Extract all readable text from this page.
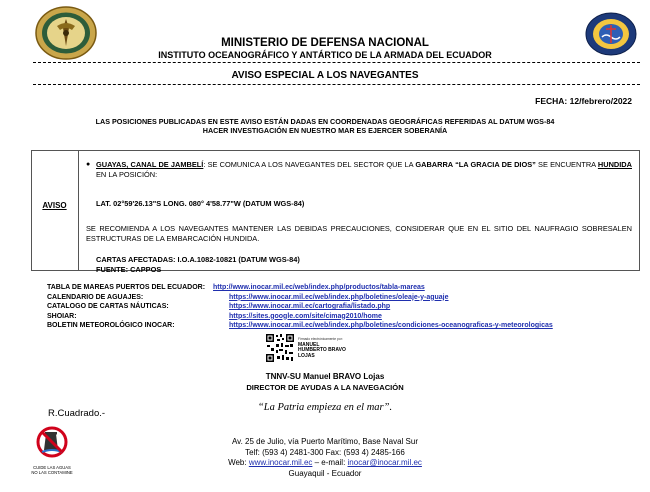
MINISTERIO DE DEFENSA NACIONAL
INSTITUTO OCEANOGRÁFICO Y ANTÁRTICO DE LA ARMADA DEL ECUADOR
AVISO ESPECIAL A LOS NAVEGANTES
FECHA: 12/febrero/2022
LAS POSICIONES PUBLICADAS EN ESTE AVISO ESTÁN DADAS EN COORDENADAS GEOGRÁFICAS REFERIDAS AL DATUM WGS-84
HACER INVESTIGACIÓN EN NUESTRO MAR ES EJERCER SOBERANÍA
AVISO
● GUAYAS, CANAL DE JAMBELÍ: SE COMUNICA A LOS NAVEGANTES DEL SECTOR QUE LA GABARRA “LA GRACIA DE DIOS” SE ENCUENTRA HUNDIDA EN LA POSICIÓN:
LAT. 02°59'26.13"S LONG. 080° 4'58.77"W (DATUM WGS-84)
SE RECOMIENDA A LOS NAVEGANTES MANTENER LAS DEBIDAS PRECAUCIONES, CONSIDERAR QUE EN EL SITIO DEL NAUFRAGIO SOBRESALEN ESTRUCTURAS DE LA EMBARCACIÓN HUNDIDA.
CARTAS AFECTADAS: I.O.A.1082-10821 (DATUM WGS-84)
FUENTE: CAPPOS
TABLA DE MAREAS PUERTOS DEL ECUADOR: http://www.inocar.mil.ec/web/index.php/productos/tabla-mareas
CALENDARIO DE AGUAJES:	https://www.inocar.mil.ec/web/index.php/boletines/oleaje-y-aguaje
CATALOGO DE CARTAS NÁUTICAS:	https://www.inocar.mil.ec/cartografia/listado.php
SHOIAR:	https://sites.google.com/site/cimag2010/home
BOLETIN METEOROLÓGICO INOCAR:	https://www.inocar.mil.ec/web/index.php/boletines/condiciones-oceanograficas-y-meteorologicas
Firmado electrónicamente por:
MANUEL
HUMBERTO BRAVO
LOJAS
TNNV-SU Manuel BRAVO Lojas
DIRECTOR DE AYUDAS A LA NAVEGACIÓN
“La Patria empieza en el mar”.
R.Cuadrado.-
CUIDE LAS AGUAS
NO LAS CONTAMINE
Av. 25 de Julio, vía Puerto Marítimo, Base Naval Sur
Telf: (593 4) 2481-300 Fax: (593 4) 2485-166
Web: www.inocar.mil.ec – e-mail: inocar@inocar.mil.ec
Guayaquil - Ecuador
